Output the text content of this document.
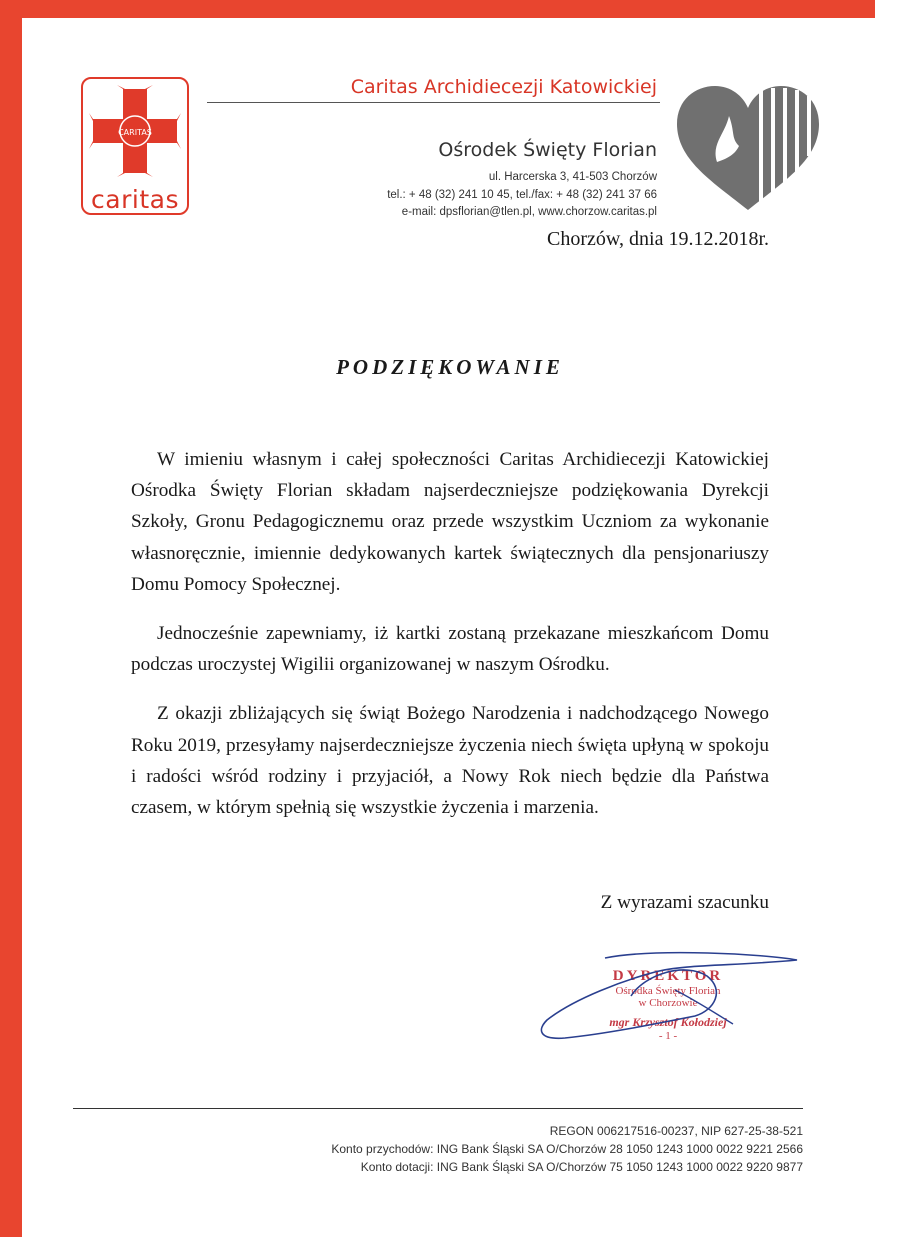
CARITAS
caritas
Caritas Archidiecezji Katowickiej
Ośrodek Święty Florian
ul. Harcerska 3, 41-503 Chorzów
tel.: + 48 (32) 241 10 45, tel./fax: + 48 (32) 241 37 66
e-mail: dpsflorian@tlen.pl, www.chorzow.caritas.pl
Chorzów, dnia 19.12.2018r.
PODZIĘKOWANIE

W imieniu własnym i całej społeczności Caritas Archidiecezji Katowickiej Ośrodka Święty Florian składam najserdeczniejsze podziękowania Dyrekcji Szkoły, Gronu Pedagogicznemu oraz przede wszystkim Uczniom za wykonanie własnoręcznie, imiennie dedykowanych kartek świątecznych dla pensjonariuszy Domu Pomocy Społecznej.

Jednocześnie zapewniamy, iż kartki zostaną przekazane mieszkańcom Domu podczas uroczystej Wigilii organizowanej w naszym Ośrodku.

Z okazji zbliżających się świąt Bożego Narodzenia i nadchodzącego Nowego Roku 2019, przesyłamy najserdeczniejsze życzenia niech święta upłyną w spokoju i radości wśród rodziny i przyjaciół, a Nowy Rok niech będzie dla Państwa czasem, w którym spełnią się wszystkie życzenia i marzenia.

Z wyrazami szacunku
DYREKTOR
Ośrodka Święty Florian
w Chorzowie
mgr Krzysztof Kołodziej
- 1 -
REGON 006217516-00237, NIP 627-25-38-521
Konto przychodów: ING Bank Śląski SA O/Chorzów 28 1050 1243 1000 0022 9221 2566
Konto dotacji: ING Bank Śląski SA O/Chorzów 75 1050 1243 1000 0022 9220 9877
